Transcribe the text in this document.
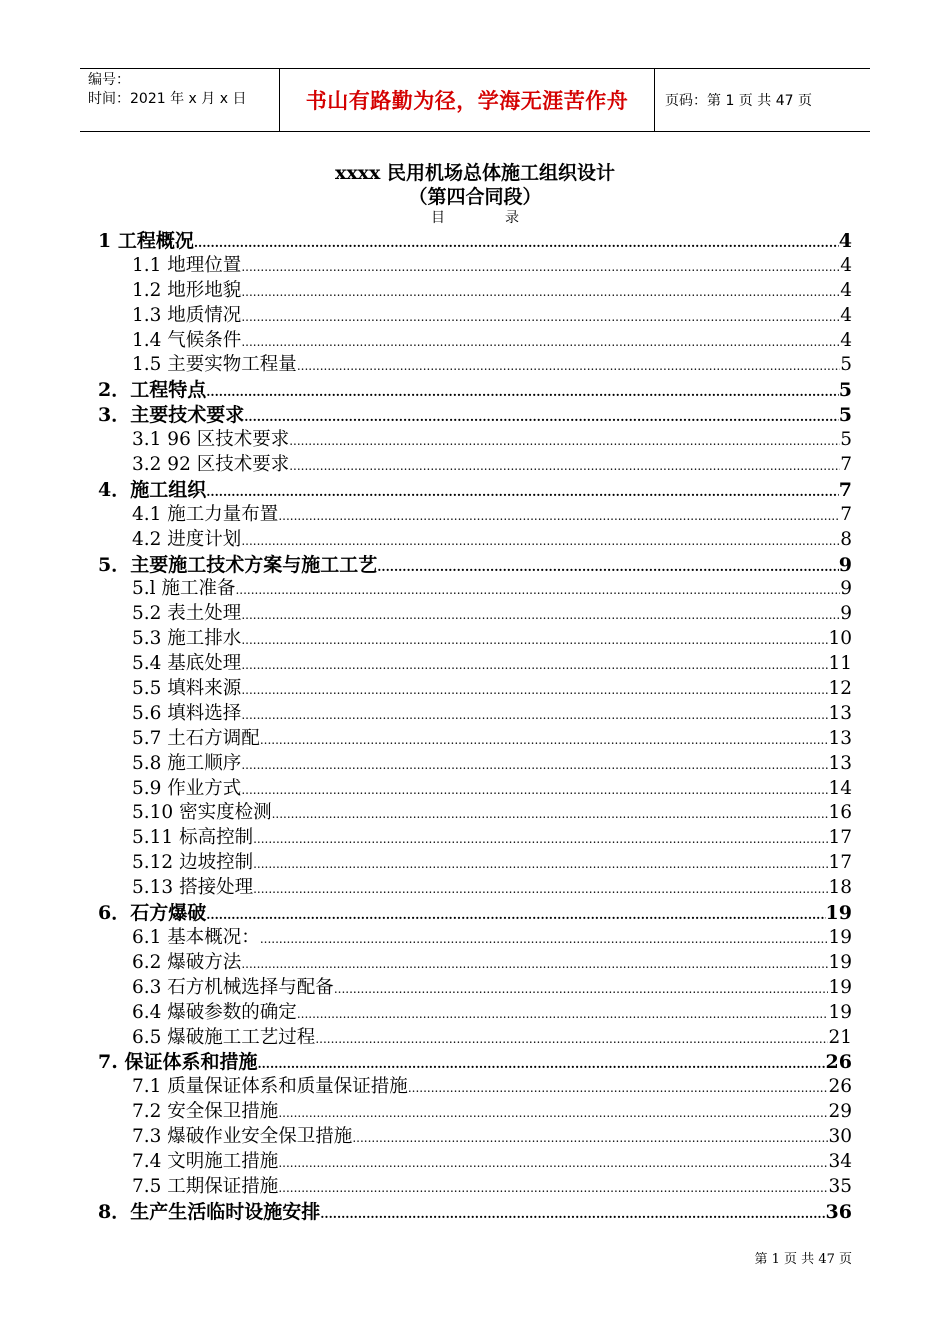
编号：
时间：2021 年 x 月 x 日	书山有路勤为径，学海无涯苦作舟	页码：第 1 页 共 47 页
xxxx 民用机场总体施工组织设计
（第四合同段）
目录
1 工程概况 .....	4
1.1 地理位置 .....	4
1.2 地形地貌 .....	4
1.3 地质情况 .....	4
1.4 气候条件 .....	4
1.5 主要实物工程量 .....	5
2．工程特点 .....	5
3．主要技术要求 .....	5
3.1 96 区技术要求 .....	5
3.2 92 区技术要求 .....	7
4．施工组织 .....	7
4.1 施工力量布置 .....	7
4.2 进度计划 .....	8
5．主要施工技术方案与施工工艺 .....	9
5.l 施工准备 .....	9
5.2 表土处理 .....	9
5.3 施工排水 .....	10
5.4 基底处理 .....	11
5.5 填料来源 .....	12
5.6 填料选择 .....	13
5.7 土石方调配 .....	13
5.8 施工顺序 .....	13
5.9 作业方式 .....	14
5.10 密实度检测 .....	16
5.11 标高控制 .....	17
5.12 边坡控制 .....	17
5.13 搭接处理 .....	18
6．石方爆破 .....	19
6.1 基本概况： .....	19
6.2 爆破方法 .....	19
6.3 石方机械选择与配备 .....	19
6.4 爆破参数的确定 .....	19
6.5 爆破施工工艺过程 .....	21
7. 保证体系和措施 .....	26
7.1 质量保证体系和质量保证措施 .....	26
7.2 安全保卫措施 .....	29
7.3 爆破作业安全保卫措施 .....	30
7.4 文明施工措施 .....	34
7.5 工期保证措施 .....	35
8．生产生活临时设施安排 .....	36
第 1 页 共 47 页
